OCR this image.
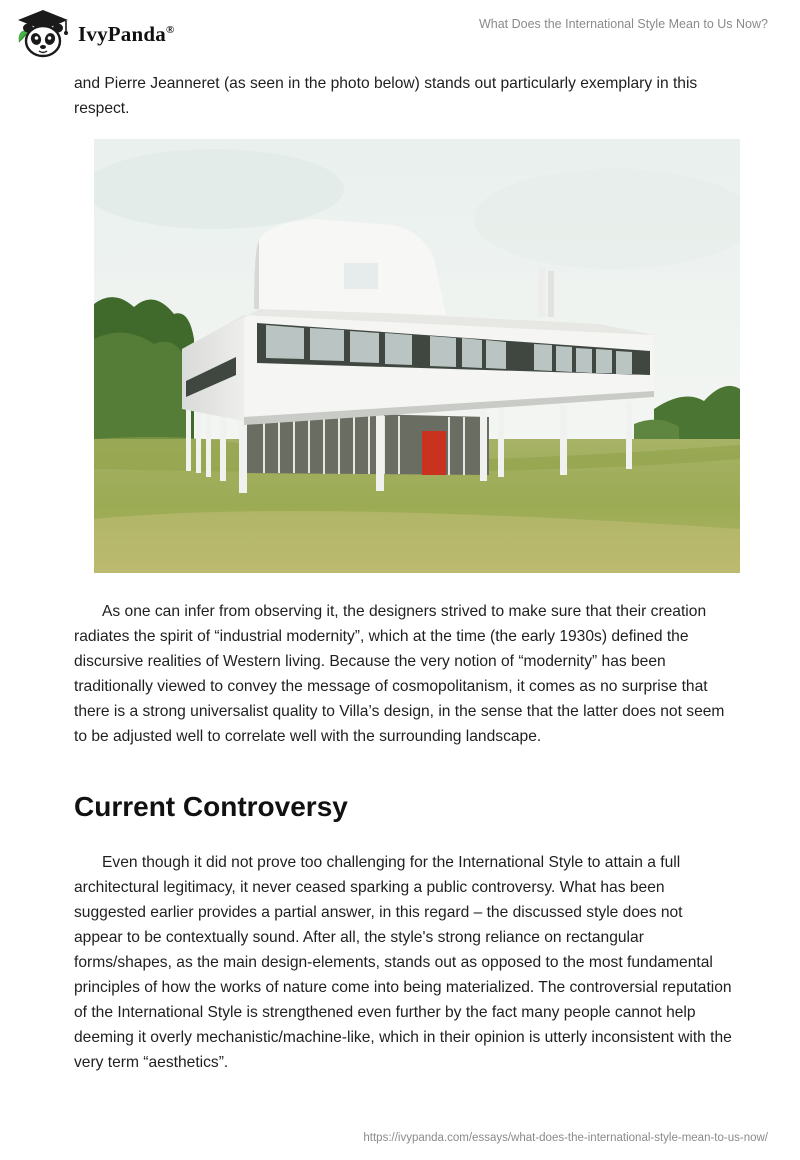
IvyPanda®	What Does the International Style Mean to Us Now?

and Pierre Jeanneret (as seen in the photo below) stands out particularly exemplary in this respect.

As one can infer from observing it, the designers strived to make sure that their creation radiates the spirit of “industrial modernity”, which at the time (the early 1930s) defined the discursive realities of Western living. Because the very notion of “modernity” has been traditionally viewed to convey the message of cosmopolitanism, it comes as no surprise that there is a strong universalist quality to Villa’s design, in the sense that the latter does not seem to be adjusted well to correlate well with the surrounding landscape.

Current Controversy

Even though it did not prove too challenging for the International Style to attain a full architectural legitimacy, it never ceased sparking a public controversy. What has been suggested earlier provides a partial answer, in this regard – the discussed style does not appear to be contextually sound. After all, the style's strong reliance on rectangular forms/shapes, as the main design-elements, stands out as opposed to the most fundamental principles of how the works of nature come into being materialized. The controversial reputation of the International Style is strengthened even further by the fact many people cannot help deeming it overly mechanistic/machine-like, which in their opinion is utterly inconsistent with the very term “aesthetics”.

https://ivypanda.com/essays/what-does-the-international-style-mean-to-us-now/
